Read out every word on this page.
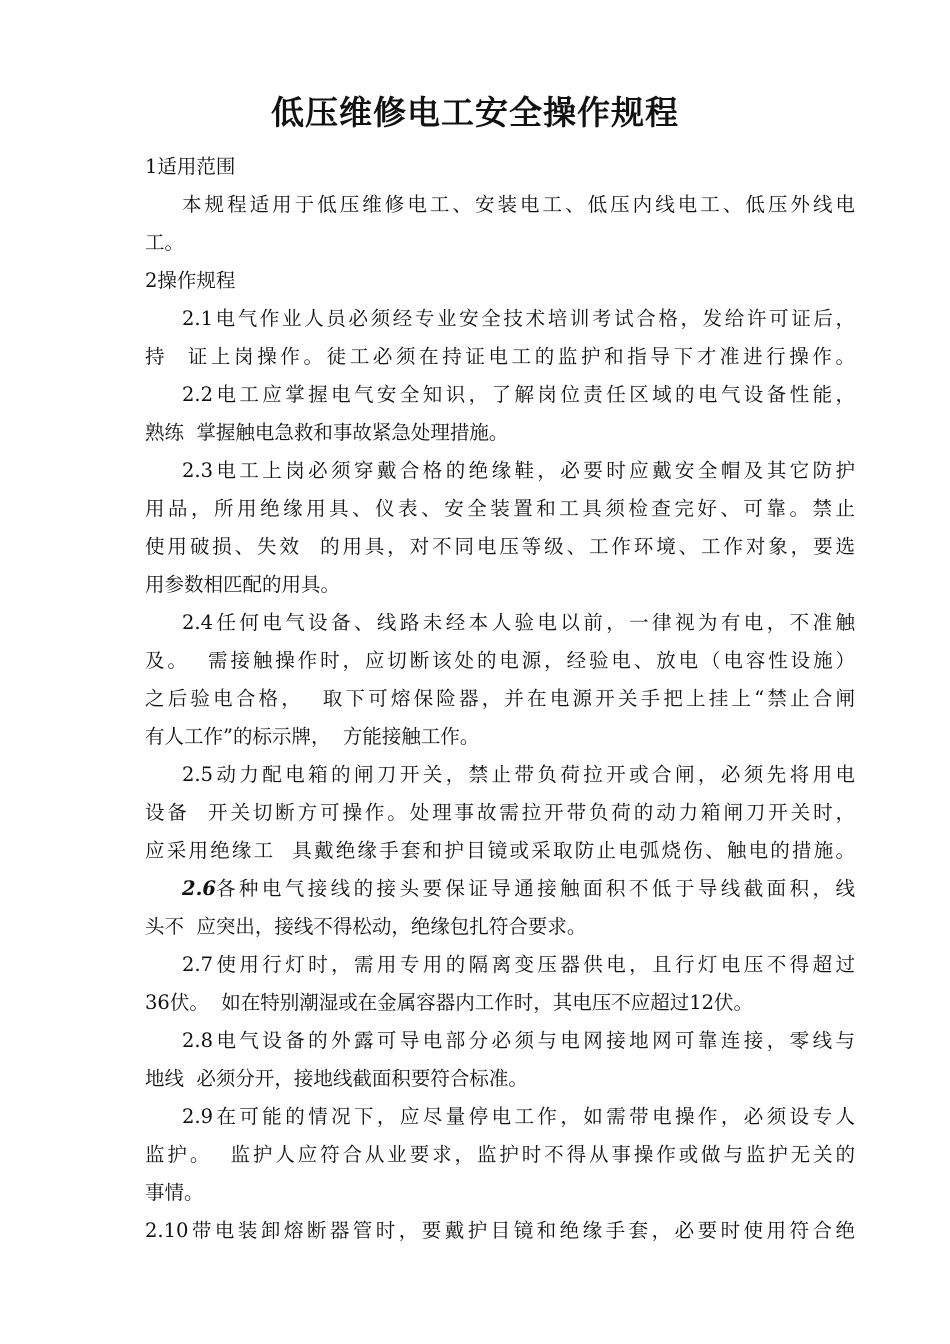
低压维修电工安全操作规程
1适用范围
本规程适用于低压维修电工、安装电工、低压内线电工、低压外线电
工。
2操作规程
2.1电气作业人员必须经专业安全技术培训考试合格，发给许可证后，
持  证上岗操作。徒工必须在持证电工的监护和指导下才准进行操作。
2.2电工应掌握电气安全知识，了解岗位责任区域的电气设备性能，
熟练  掌握触电急救和事故紧急处理措施。
2.3电工上岗必须穿戴合格的绝缘鞋，必要时应戴安全帽及其它防护
用品，所用绝缘用具、仪表、安全装置和工具须检查完好、可靠。禁止
使用破损、失效  的用具，对不同电压等级、工作环境、工作对象，要选
用参数相匹配的用具。
2.4任何电气设备、线路未经本人验电以前，一律视为有电，不准触
及。  需接触操作时，应切断该处的电源，经验电、放电（电容性设施）
之后验电合格，  取下可熔保险器，并在电源开关手把上挂上“禁止合闸
有人工作”的标示牌，  方能接触工作。
2.5动力配电箱的闸刀开关，禁止带负荷拉开或合闸，必须先将用电
设备  开关切断方可操作。处理事故需拉开带负荷的动力箱闸刀开关时，
应采用绝缘工  具戴绝缘手套和护目镜或采取防止电弧烧伤、触电的措施。
2.6 各种电气接线的接头要保证导通接触面积不低于导线截面积，线
头不  应突出，接线不得松动，绝缘包扎符合要求。
2.7使用行灯时，需用专用的隔离变压器供电，且行灯电压不得超过
36伏。  如在特别潮湿或在金属容器内工作时，其电压不应超过12伏。
2.8电气设备的外露可导电部分必须与电网接地网可靠连接，零线与
地线  必须分开，接地线截面积要符合标准。
2.9在可能的情况下，应尽量停电工作，如需带电操作，必须设专人
监护。  监护人应符合从业要求，监护时不得从事操作或做与监护无关的
事情。
2.10带电装卸熔断器管时，要戴护目镜和绝缘手套，必要时使用符合绝
